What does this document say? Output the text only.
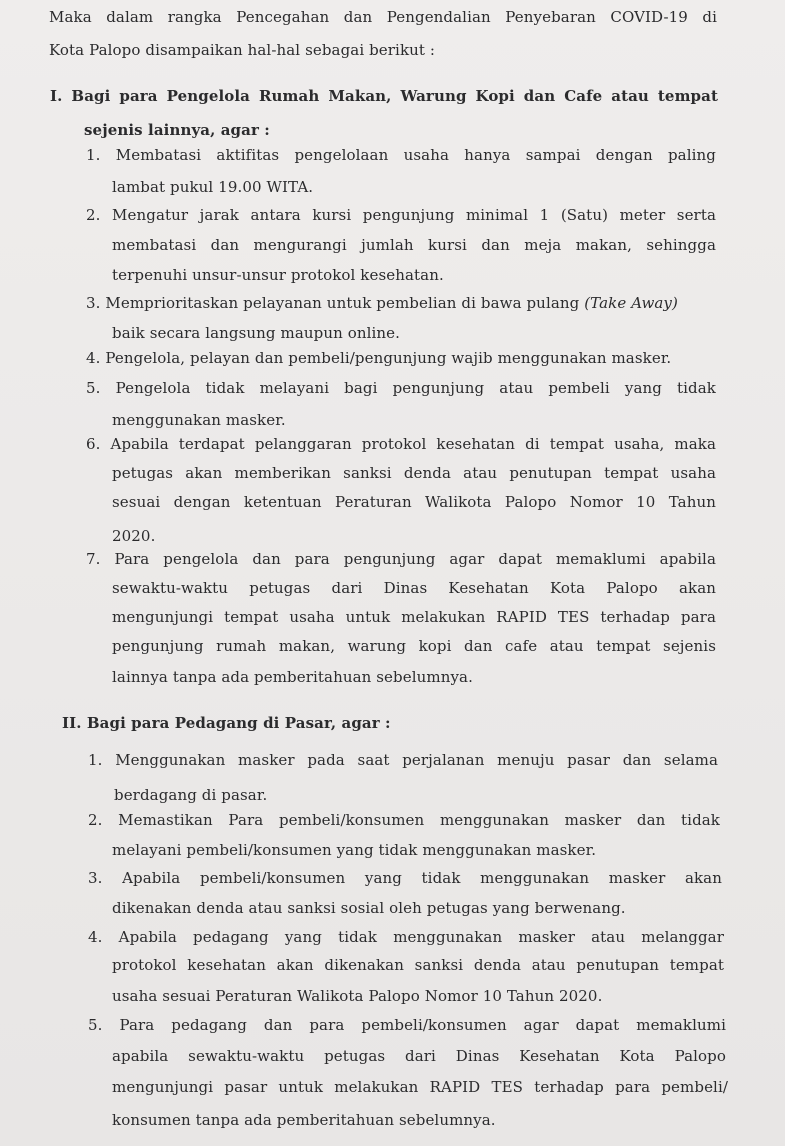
Maka dalam rangka Pencegahan dan Pengendalian Penyebaran COVID-19 di
Kota Palopo disampaikan hal-hal sebagai berikut :
I. Bagi para Pengelola Rumah Makan, Warung Kopi dan Cafe atau tempat
sejenis lainnya, agar :
1. Membatasi aktifitas pengelolaan usaha hanya sampai dengan paling
lambat pukul 19.00 WITA.
2. Mengatur jarak antara kursi pengunjung minimal 1 (Satu) meter serta
membatasi dan mengurangi jumlah kursi dan meja makan, sehingga
terpenuhi unsur-unsur protokol kesehatan.
3. Memprioritaskan pelayanan untuk pembelian di bawa pulang (Take Away)
baik secara langsung maupun online.
4. Pengelola, pelayan dan pembeli/pengunjung wajib menggunakan masker.
5. Pengelola tidak melayani bagi pengunjung atau pembeli yang tidak
menggunakan masker.
6. Apabila terdapat pelanggaran protokol kesehatan di tempat usaha, maka
petugas akan memberikan sanksi denda atau penutupan tempat usaha
sesuai dengan ketentuan Peraturan Walikota Palopo Nomor 10 Tahun
2020.
7. Para pengelola dan para pengunjung agar dapat memaklumi apabila
sewaktu-waktu petugas dari Dinas Kesehatan Kota Palopo akan
mengunjungi tempat usaha untuk melakukan RAPID TES terhadap para
pengunjung rumah makan, warung kopi dan cafe atau tempat sejenis
lainnya tanpa ada pemberitahuan sebelumnya.
II. Bagi para Pedagang di Pasar, agar :
1. Menggunakan masker pada saat perjalanan menuju pasar dan selama
berdagang di pasar.
2. Memastikan Para pembeli/konsumen menggunakan masker dan tidak
melayani pembeli/konsumen yang tidak menggunakan masker.
3. Apabila pembeli/konsumen yang tidak menggunakan masker akan
dikenakan denda atau sanksi sosial oleh petugas yang berwenang.
4. Apabila pedagang yang tidak menggunakan masker atau melanggar
protokol kesehatan akan dikenakan sanksi denda atau penutupan tempat
usaha sesuai Peraturan Walikota Palopo Nomor 10 Tahun 2020.
5. Para pedagang dan para pembeli/konsumen agar dapat memaklumi
apabila sewaktu-waktu petugas dari Dinas Kesehatan Kota Palopo
mengunjungi pasar untuk melakukan RAPID TES terhadap para pembeli/
konsumen tanpa ada pemberitahuan sebelumnya.
